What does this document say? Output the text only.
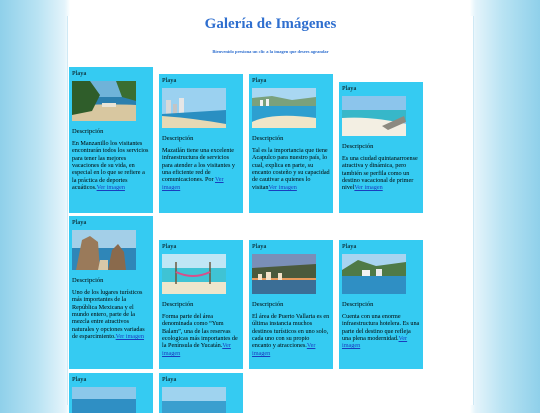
Galería de Imágenes
Bienvenido presiona un clic a la imagen que desees agrandar
Playa
Descripción
En Manzanillo los visitantes encontrarán todos los servicios para tener las mejores vacaciones de su vida, en especial en lo que se refiere a la práctica de deportes acuáticos.Ver imagen
Playa
Descripción
Mazatlán tiene una excelente infraestructura de servicios para atender a los visitantes y una eficiente red de comunicaciones. Por Ver imagen
Playa
Descripción
Tal es la importancia que tiene Acapulco para nuestro país, lo cual, explica en parte, su encanto costeño y su capacidad de cautivar a quienes lo visitanVer imagen
Playa
Descripción
Es una ciudad quintanarroense atractiva y dinámica, pero también se perfila como un destino vacacional de primer nivelVer imagen
Playa
Descripción
Uno de los lugares turísticos más importantes de la República Mexicana y el mundo entero, parte de la mezcla entre atractivos naturales y opciones variadas de esparcimiento.Ver imagen
Playa
Descripción
Forma parte del área denominada como “Yum Balam”, una de las reservas ecologicas más importantes de la Península de Yucatán.Ver imagen
Playa
Descripción
El área de Puerto Vallarta es en última instancia muchos destinos turísticos en uno solo, cada uno con su propio encanto y atracciones.Ver imagen
Playa
Descripción
Cuenta con una enorme infraestructura hotelera. Es una parte del destino que refleja una plena modernidad.Ver imagen
Playa	Playa
